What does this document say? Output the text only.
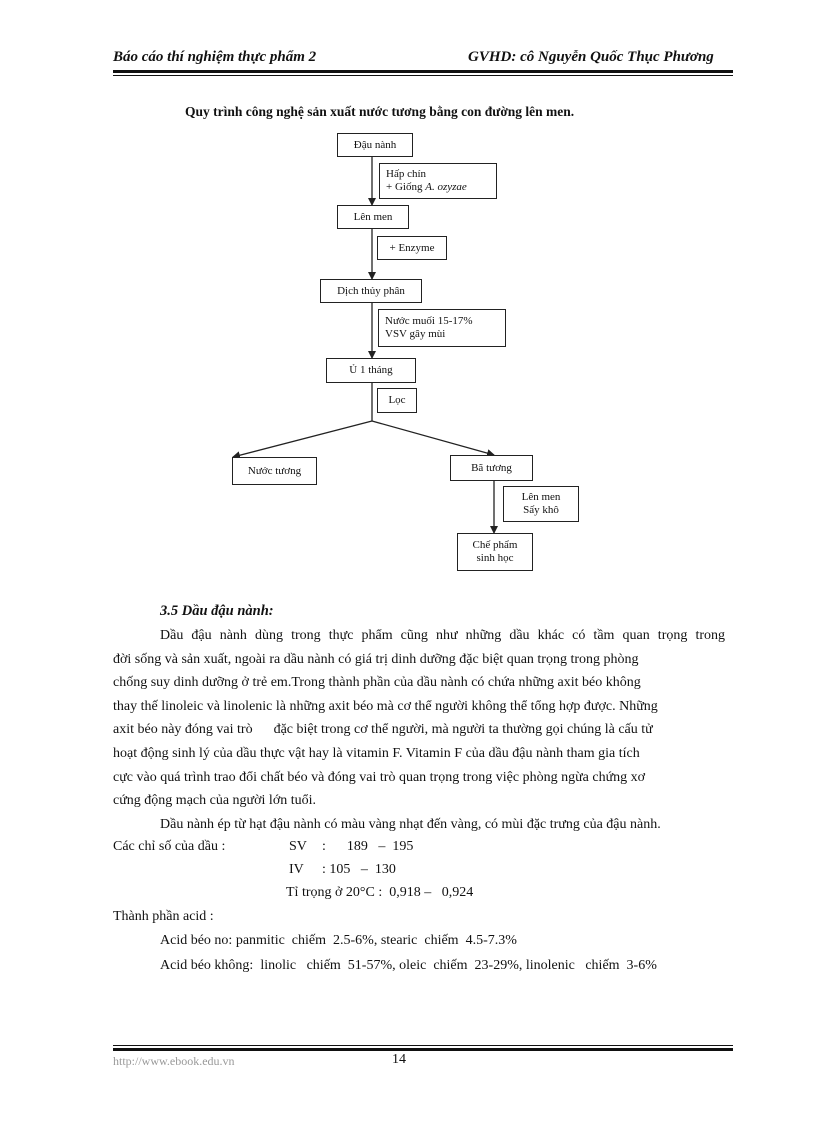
Báo cáo thí nghiệm thực phẩm 2	GVHD: cô Nguyễn Quốc Thục Phương
Quy trình công nghệ sản xuất nước tương bằng con đường lên men.
Đậu nành
Hấp chín
+ Giống A. ozyzae
Lên men
+ Enzyme
Dịch thủy phân
Nước muối 15-17%
VSV gây mùi
Ủ 1 tháng
Lọc
Nước tương	Bã tương
Lên men
Sấy khô
Chế phẩm
sinh học
3.5 Dầu đậu nành:

Dầu đậu nành dùng trong thực phẩm cũng như những dầu khác có tầm quan trọng trong

đời sống và sản xuất, ngoài ra dầu nành có giá trị dinh dưỡng đặc biệt quan trọng trong phòng

chống suy dinh dưỡng ở trẻ em.Trong thành phần của dầu nành có chứa những axit béo không

thay thế linoleic và linolenic là những axit béo mà cơ thể người không thể tổng hợp được. Những

axit béo này đóng vai trò      đặc biệt trong cơ thể người, mà người ta thường gọi chúng là cấu tử

hoạt động sinh lý của dầu thực vật hay là vitamin F. Vitamin F của dầu đậu nành tham gia tích

cực vào quá trình trao đổi chất béo và đóng vai trò quan trọng trong việc phòng ngừa chứng xơ

cứng động mạch của người lớn tuổi.

Dầu nành ép từ hạt đậu nành có màu vàng nhạt đến vàng, có mùi đặc trưng của đậu nành.

Các chỉ số của dầu :	SV :      189   –  195
IV : 105   –  130
Tỉ trọng ở 20°C :  0,918 –   0,924
Thành phần acid :
Acid béo no: panmitic  chiếm  2.5-6%, stearic  chiếm  4.5-7.3%
Acid béo không:  linolic   chiếm  51-57%, oleic  chiếm  23-29%, linolenic   chiếm  3-6%
http://www.ebook.edu.vn	14
